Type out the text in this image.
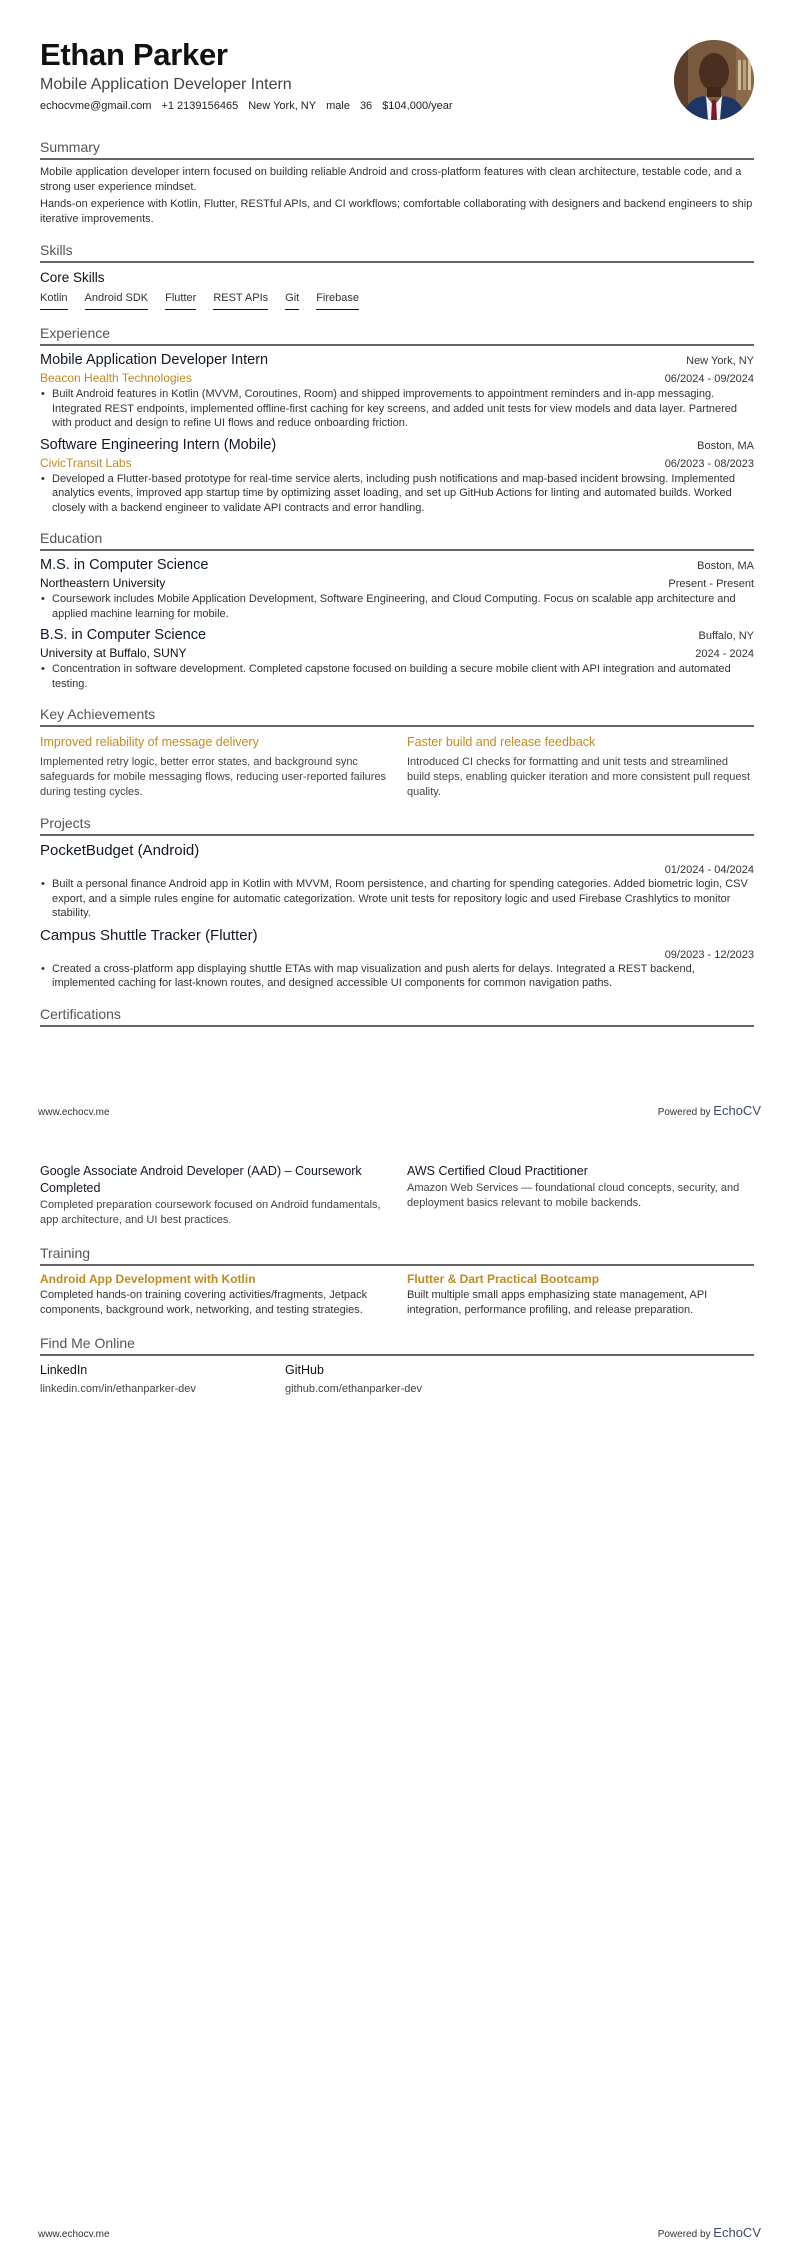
Ethan Parker
Mobile Application Developer Intern
echocvme@gmail.com +1 2139156465 New York, NY male 36 $104,000/year
Summary
Mobile application developer intern focused on building reliable Android and cross-platform features with clean architecture, testable code, and a strong user experience mindset.
Hands-on experience with Kotlin, Flutter, RESTful APIs, and CI workflows; comfortable collaborating with designers and backend engineers to ship iterative improvements.
Skills
Core Skills
Kotlin Android SDK Flutter REST APIs Git Firebase
Experience
Mobile Application Developer Intern	New York, NY
Beacon Health Technologies	06/2024 - 09/2024
• Built Android features in Kotlin (MVVM, Coroutines, Room) and shipped improvements to appointment reminders and in-app messaging. Integrated REST endpoints, implemented offline-first caching for key screens, and added unit tests for view models and data layer. Partnered with product and design to refine UI flows and reduce onboarding friction.
Software Engineering Intern (Mobile)	Boston, MA
CivicTransit Labs	06/2023 - 08/2023
• Developed a Flutter-based prototype for real-time service alerts, including push notifications and map-based incident browsing. Implemented analytics events, improved app startup time by optimizing asset loading, and set up GitHub Actions for linting and automated builds. Worked closely with a backend engineer to validate API contracts and error handling.
Education
M.S. in Computer Science	Boston, MA
Northeastern University	Present - Present
• Coursework includes Mobile Application Development, Software Engineering, and Cloud Computing. Focus on scalable app architecture and applied machine learning for mobile.
B.S. in Computer Science	Buffalo, NY
University at Buffalo, SUNY	2024 - 2024
• Concentration in software development. Completed capstone focused on building a secure mobile client with API integration and automated testing.
Key Achievements
Improved reliability of message delivery
Implemented retry logic, better error states, and background sync safeguards for mobile messaging flows, reducing user-reported failures during testing cycles.
Faster build and release feedback
Introduced CI checks for formatting and unit tests and streamlined build steps, enabling quicker iteration and more consistent pull request quality.
Projects
PocketBudget (Android)
01/2024 - 04/2024
• Built a personal finance Android app in Kotlin with MVVM, Room persistence, and charting for spending categories. Added biometric login, CSV export, and a simple rules engine for automatic categorization. Wrote unit tests for repository logic and used Firebase Crashlytics to monitor stability.
Campus Shuttle Tracker (Flutter)
09/2023 - 12/2023
• Created a cross-platform app displaying shuttle ETAs with map visualization and push alerts for delays. Integrated a REST backend, implemented caching for last-known routes, and designed accessible UI components for common navigation paths.
Certifications
www.echocv.me	Powered by EchoCV
Google Associate Android Developer (AAD) – Coursework Completed
Completed preparation coursework focused on Android fundamentals, app architecture, and UI best practices.
AWS Certified Cloud Practitioner
Amazon Web Services — foundational cloud concepts, security, and deployment basics relevant to mobile backends.
Training
Android App Development with Kotlin
Completed hands-on training covering activities/fragments, Jetpack components, background work, networking, and testing strategies.
Flutter & Dart Practical Bootcamp
Built multiple small apps emphasizing state management, API integration, performance profiling, and release preparation.
Find Me Online
LinkedIn
linkedin.com/in/ethanparker-dev
GitHub
github.com/ethanparker-dev
www.echocv.me	Powered by EchoCV
